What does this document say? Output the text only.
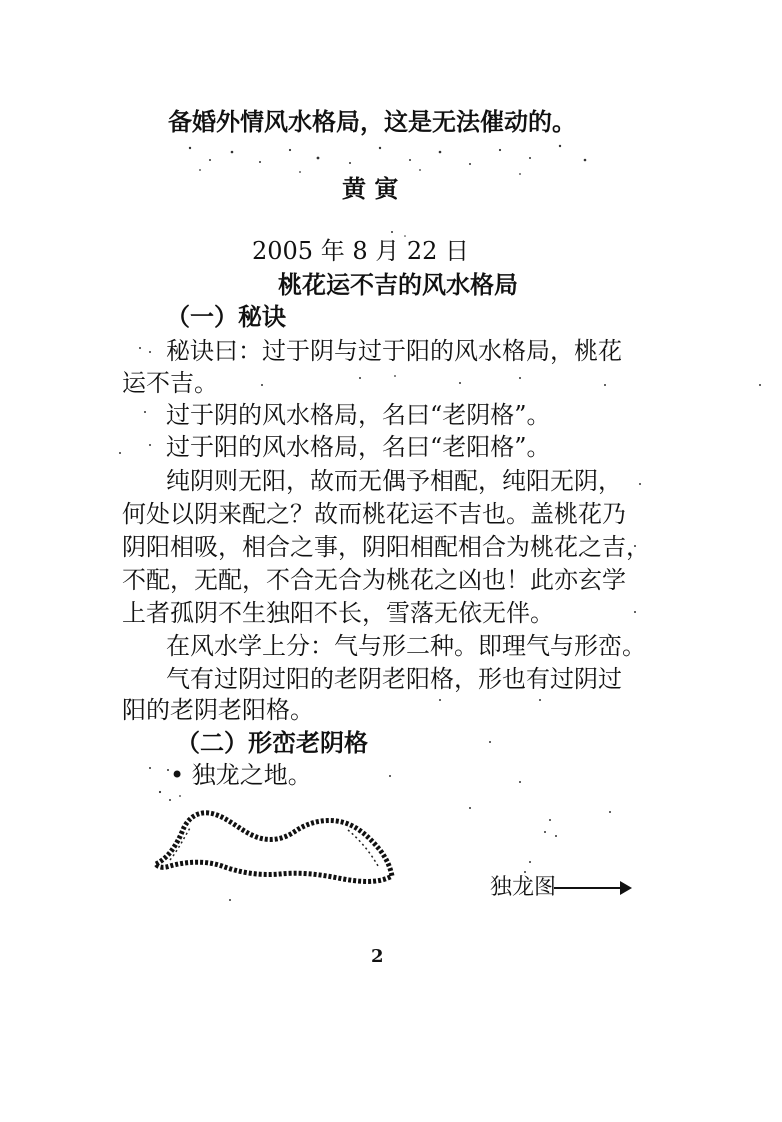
备婚外情风水格局，这是无法催动的。
黄 寅
2005 年 8 月 22 日
桃花运不吉的风水格局
（一）秘诀
秘诀曰：过于阴与过于阳的风水格局，桃花
运不吉。
过于阴的风水格局，名曰“老阴格”。
过于阳的风水格局，名曰“老阳格”。
纯阴则无阳，故而无偶予相配，纯阳无阴，
何处以阴来配之？故而桃花运不吉也。盖桃花乃
阴阳相吸，相合之事，阴阳相配相合为桃花之吉，
不配，无配，不合无合为桃花之凶也！此亦玄学
上者孤阴不生独阳不长，雪落无依无伴。
在风水学上分：气与形二种。即理气与形峦。
气有过阴过阳的老阴老阳格，形也有过阴过
阳的老阴老阳格。
（二）形峦老阴格
• 独龙之地。
独龙图
2
